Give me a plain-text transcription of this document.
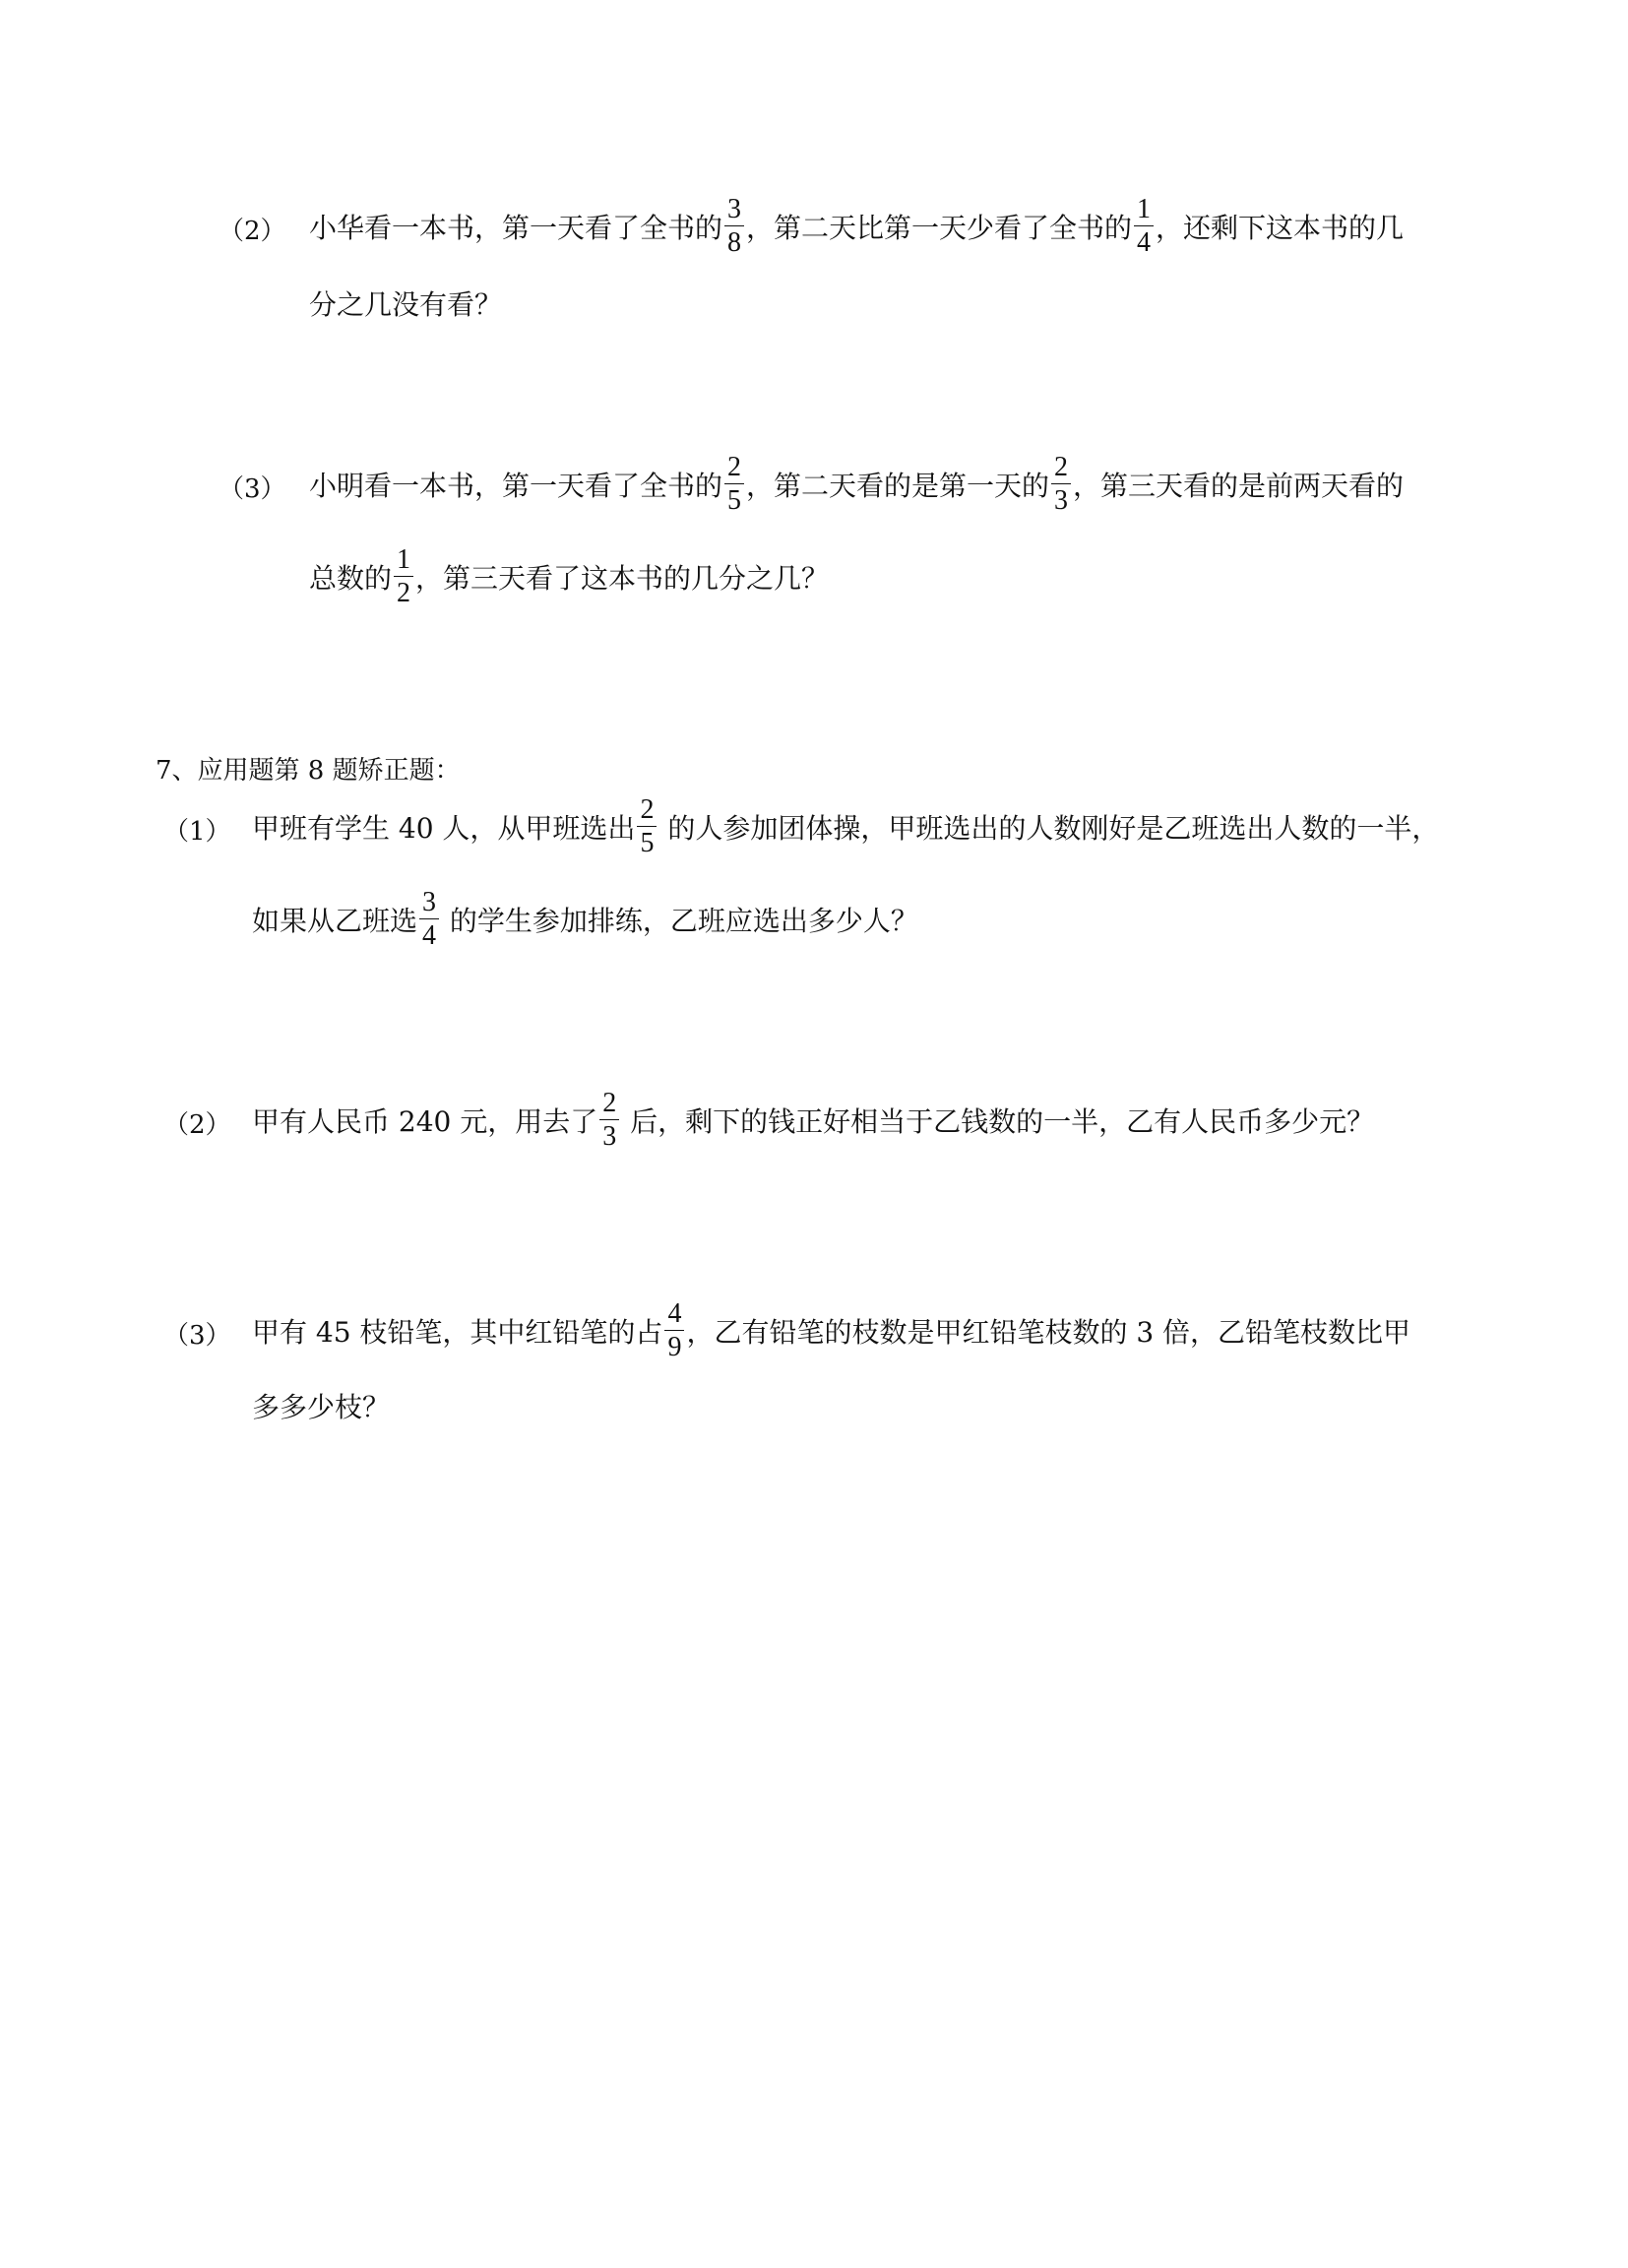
（2） 小华看一本书，第一天看了全书的 $\frac{3}{8}$ ，第二天比第一天少看了全书的 $\frac{1}{4}$ ，还剩下这本书的几
分之几没有看？
（3） 小明看一本书，第一天看了全书的 $\frac{2}{5}$ ，第二天看的是第一天的 $\frac{2}{3}$ ，第三天看的是前两天看的
总数的 $\frac{1}{2}$ ，第三天看了这本书的几分之几？
7、应用题第 8 题矫正题：
（1） 甲班有学生 40 人，从甲班选出 $\frac{2}{5}$ 的人参加团体操，甲班选出的人数刚好是乙班选出人数的一半，
如果从乙班选 $\frac{3}{4}$ 的学生参加排练，乙班应选出多少人？
（2） 甲有人民币 240 元，用去了 $\frac{2}{3}$ 后，剩下的钱正好相当于乙钱数的一半，乙有人民币多少元？
（3） 甲有 45 枝铅笔，其中红铅笔的占 $\frac{4}{9}$ ，乙有铅笔的枝数是甲红铅笔枝数的 3 倍，乙铅笔枝数比甲
多多少枝？
